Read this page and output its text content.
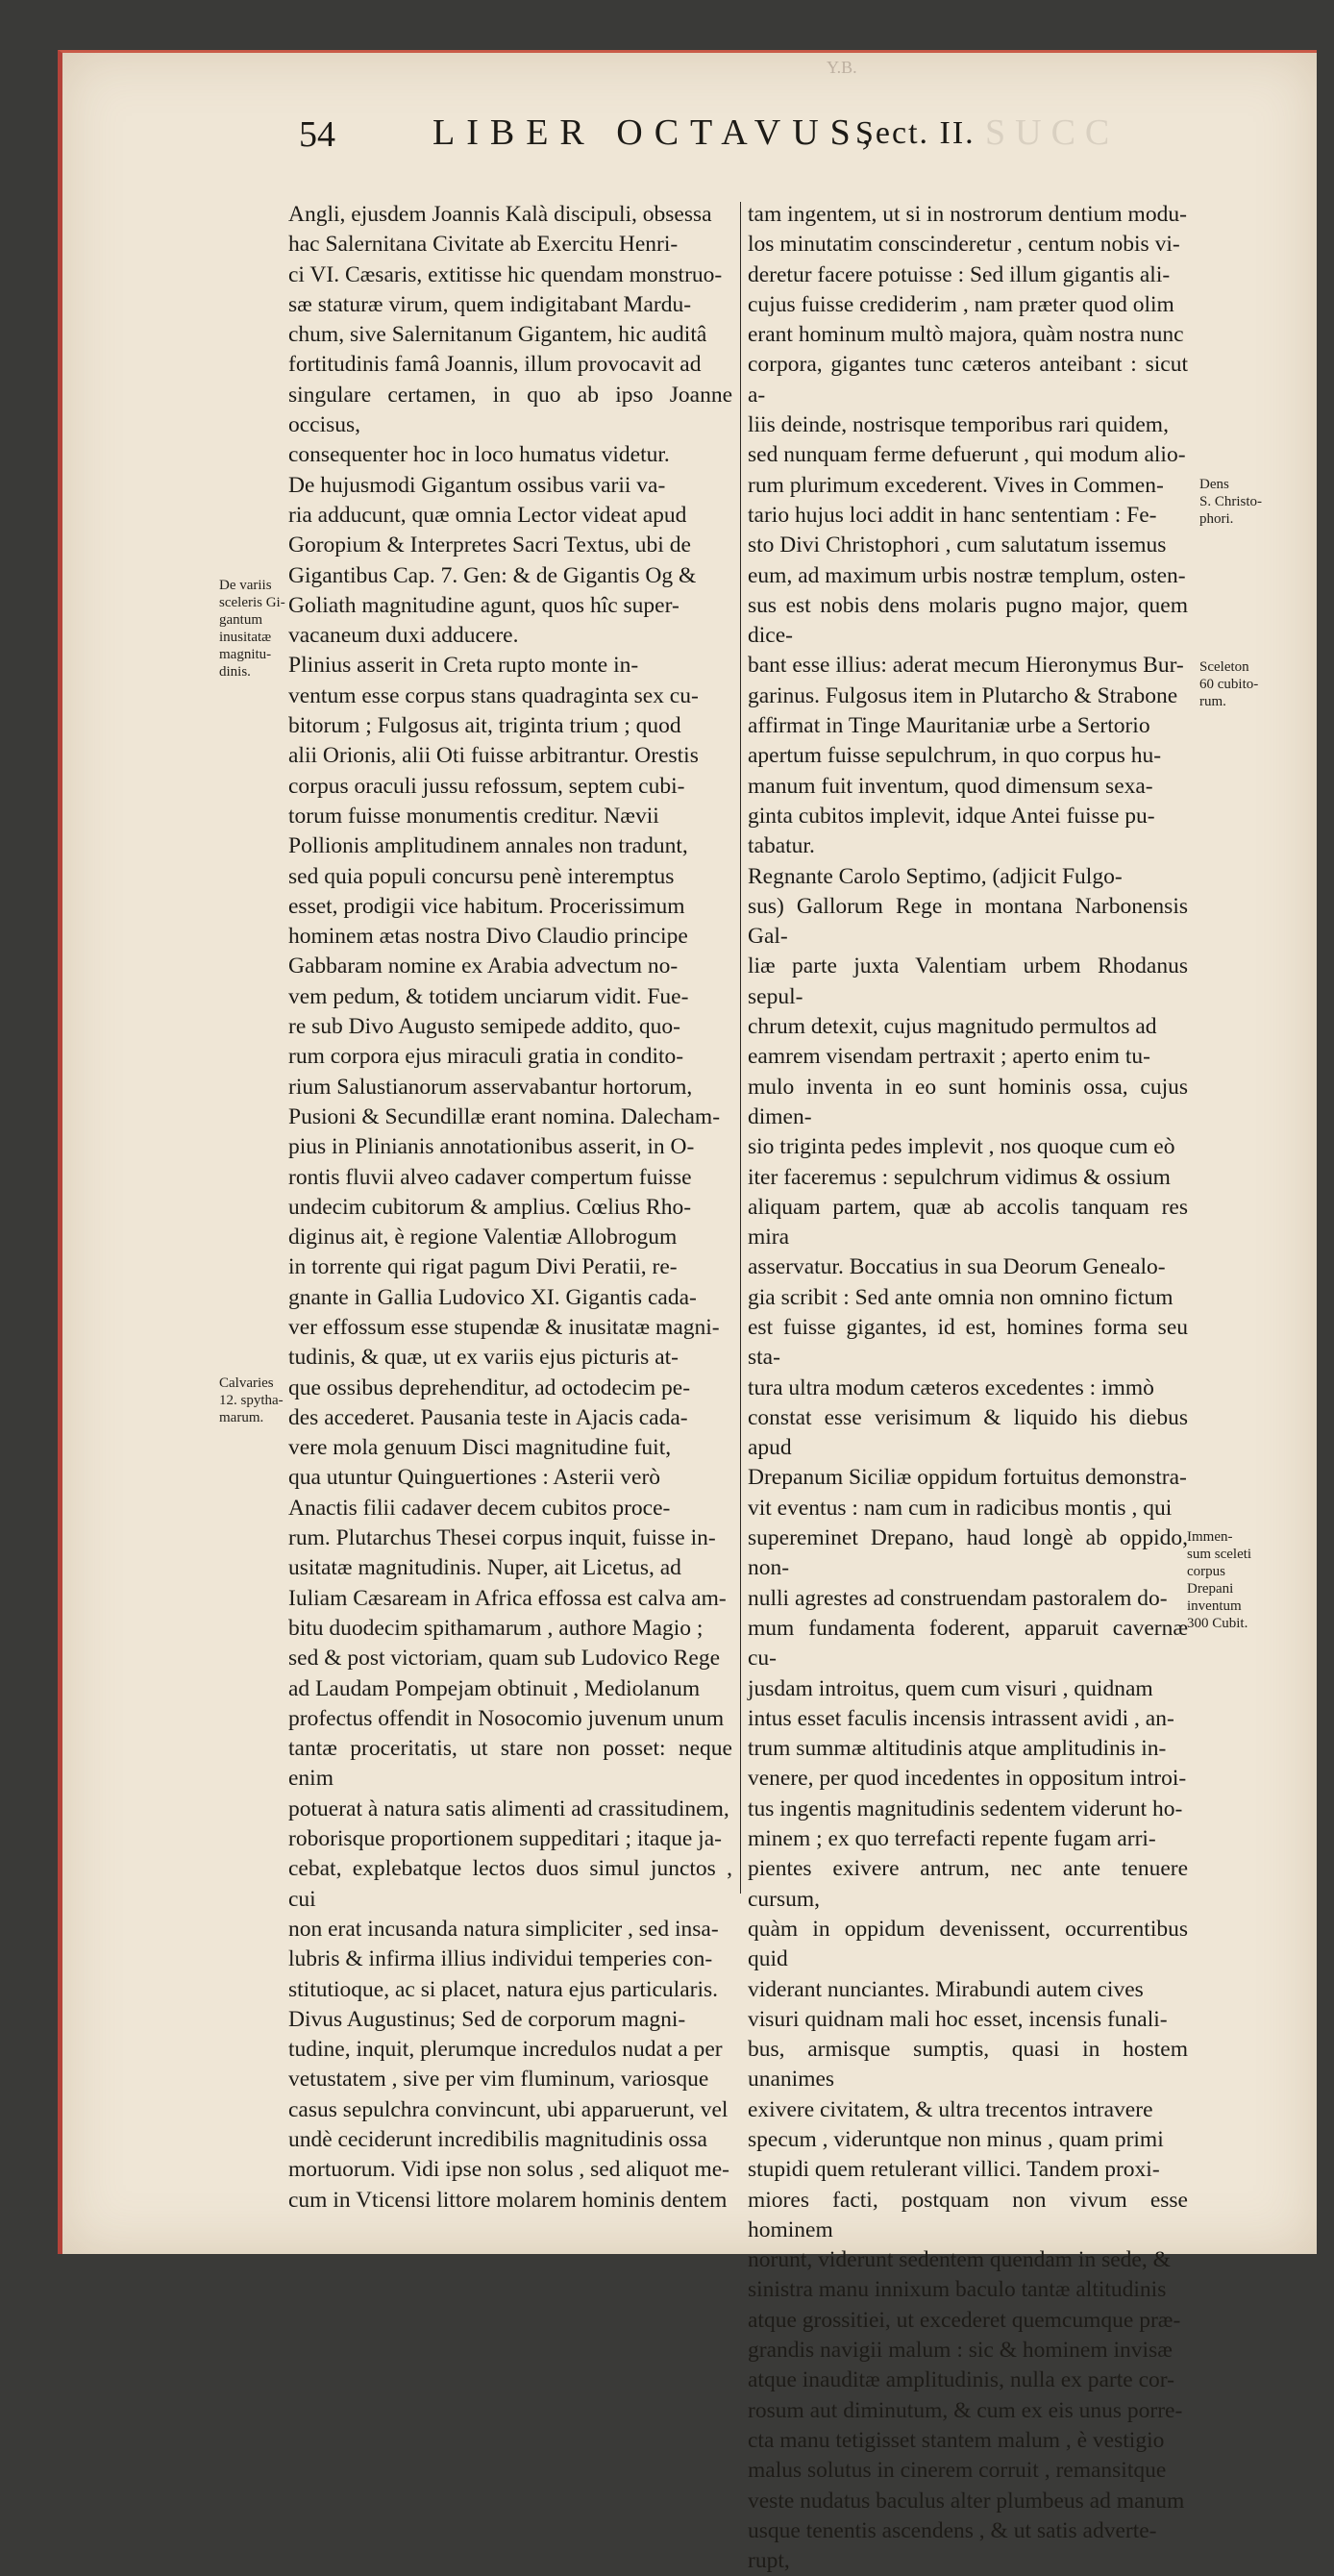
Y.B.
54	LIBER OCTAVUS,
Sect. II. SUCC

Angli, ejusdem Joannis Kalà discipuli, obsessa

hac Salernitana Civitate ab Exercitu Henri-

ci VI. Cæsaris, extitisse hic quendam monstruo-

sæ staturæ virum, quem indigitabant Mardu-

chum, sive Salernitanum Gigantem, hic auditâ

fortitudinis famâ Joannis, illum provocavit ad

singulare certamen, in quo ab ipso Joanne occisus,

consequenter hoc in loco humatus videtur.

De hujusmodi Gigantum ossibus varii va-

ria adducunt, quæ omnia Lector videat apud

Goropium & Interpretes Sacri Textus, ubi de

Gigantibus Cap. 7. Gen: & de Gigantis Og &

Goliath magnitudine agunt, quos hîc super-

vacaneum duxi adducere.

Plinius asserit in Creta rupto monte in-

ventum esse corpus stans quadraginta sex cu-

bitorum ; Fulgosus ait, triginta trium ; quod

alii Orionis, alii Oti fuisse arbitrantur. Orestis

corpus oraculi jussu refossum, septem cubi-

torum fuisse monumentis creditur. Nævii

Pollionis amplitudinem annales non tradunt,

sed quia populi concursu penè interemptus

esset, prodigii vice habitum. Procerissimum

hominem ætas nostra Divo Claudio principe

Gabbaram nomine ex Arabia advectum no-

vem pedum, & totidem unciarum vidit. Fue-

re sub Divo Augusto semipede addito, quo-

rum corpora ejus miraculi gratia in condito-

rium Salustianorum asservabantur hortorum,

Pusioni & Secundillæ erant nomina. Dalecham-

pius in Plinianis annotationibus asserit, in O-

rontis fluvii alveo cadaver compertum fuisse

undecim cubitorum & amplius. Cœlius Rho-

diginus ait, è regione Valentiæ Allobrogum

in torrente qui rigat pagum Divi Peratii, re-

gnante in Gallia Ludovico XI. Gigantis cada-

ver effossum esse stupendæ & inusitatæ magni-

tudinis, & quæ, ut ex variis ejus picturis at-

que ossibus deprehenditur, ad octodecim pe-

des accederet. Pausania teste in Ajacis cada-

vere mola genuum Disci magnitudine fuit,

qua utuntur Quinguertiones : Asterii verò

Anactis filii cadaver decem cubitos proce-

rum. Plutarchus Thesei corpus inquit, fuisse in-

usitatæ magnitudinis. Nuper, ait Licetus, ad

Iuliam Cæsaream in Africa effossa est calva am-

bitu duodecim spithamarum , authore Magio ;

sed & post victoriam, quam sub Ludovico Rege

ad Laudam Pompejam obtinuit , Mediolanum

profectus offendit in Nosocomio juvenum unum

tantæ proceritatis, ut stare non posset: neque enim

potuerat à natura satis alimenti ad crassitudinem,

roborisque proportionem suppeditari ; itaque ja-

cebat, explebatque lectos duos simul junctos , cui

non erat incusanda natura simpliciter , sed insa-

lubris & infirma illius individui temperies con-

stitutioque, ac si placet, natura ejus particularis.

Divus Augustinus; Sed de corporum magni-

tudine, inquit, plerumque incredulos nudat a per

vetustatem , sive per vim fluminum, variosque

casus sepulchra convincunt, ubi apparuerunt, vel

undè ceciderunt incredibilis magnitudinis ossa

mortuorum. Vidi ipse non solus , sed aliquot me-

cum in Vticensi littore molarem hominis dentem

tam ingentem, ut si in nostrorum dentium modu-

los minutatim conscinderetur , centum nobis vi-

deretur facere potuisse : Sed illum gigantis ali-

cujus fuisse crediderim , nam præter quod olim

erant hominum multò majora, quàm nostra nunc

corpora, gigantes tunc cæteros anteibant : sicut a-

liis deinde, nostrisque temporibus rari quidem,

sed nunquam ferme defuerunt , qui modum alio-

rum plurimum excederent. Vives in Commen-

tario hujus loci addit in hanc sententiam : Fe-

sto Divi Christophori , cum salutatum issemus

eum, ad maximum urbis nostræ templum, osten-

sus est nobis dens molaris pugno major, quem dice-

bant esse illius: aderat mecum Hieronymus Bur-

garinus. Fulgosus item in Plutarcho & Strabone

affirmat in Tinge Mauritaniæ urbe a Sertorio

apertum fuisse sepulchrum, in quo corpus hu-

manum fuit inventum, quod dimensum sexa-

ginta cubitos implevit, idque Antei fuisse pu-

tabatur.

Regnante Carolo Septimo, (adjicit Fulgo-

sus) Gallorum Rege in montana Narbonensis Gal-

liæ parte juxta Valentiam urbem Rhodanus sepul-

chrum detexit, cujus magnitudo permultos ad

eamrem visendam pertraxit ; aperto enim tu-

mulo inventa in eo sunt hominis ossa, cujus dimen-

sio triginta pedes implevit , nos quoque cum eò

iter faceremus : sepulchrum vidimus & ossium

aliquam partem, quæ ab accolis tanquam res mira

asservatur. Boccatius in sua Deorum Genealo-

gia scribit : Sed ante omnia non omnino fictum

est fuisse gigantes, id est, homines forma seu sta-

tura ultra modum cæteros excedentes : immò

constat esse verisimum & liquido his diebus apud

Drepanum Siciliæ oppidum fortuitus demonstra-

vit eventus : nam cum in radicibus montis , qui

supereminet Drepano, haud longè ab oppido, non-

nulli agrestes ad construendam pastoralem do-

mum fundamenta foderent, apparuit cavernæ cu-

jusdam introitus, quem cum visuri , quidnam

intus esset faculis incensis intrassent avidi , an-

trum summæ altitudinis atque amplitudinis in-

venere, per quod incedentes in oppositum introi-

tus ingentis magnitudinis sedentem viderunt ho-

minem ; ex quo terrefacti repente fugam arri-

pientes exivere antrum, nec ante tenuere cursum,

quàm in oppidum devenissent, occurrentibus quid

viderant nunciantes. Mirabundi autem cives

visuri quidnam mali hoc esset, incensis funali-

bus, armisque sumptis, quasi in hostem unanimes

exivere civitatem, & ultra trecentos intravere

specum , videruntque non minus , quam primi

stupidi quem retulerant villici. Tandem proxi-

miores facti, postquam non vivum esse hominem

norunt, viderunt sedentem quendam in sede, &

sinistra manu innixum baculo tantæ altitudinis

atque grossitiei, ut excederet quemcumque præ-

grandis navigii malum : sic & hominem invisæ

atque inauditæ amplitudinis, nulla ex parte cor-

rosum aut diminutum, & cum ex eis unus porre-

cta manu tetigisset stantem malum , è vestigio

malus solutus in cinerem corruit , remansitque

veste nudatus baculus alter plumbeus ad manum

usque tenentis ascendens , & ut satis adverte-

rupt,

De variis

sceleris Gi-

gantum

inusitatæ

magnitu-

dinis.

Calvaries

12. spytha-

marum.

Dens

S. Christo-

phori.

Sceleton

60 cubito-

rum.

Immen-

sum sceleti

corpus

Drepani

inventum

300 Cubit.
